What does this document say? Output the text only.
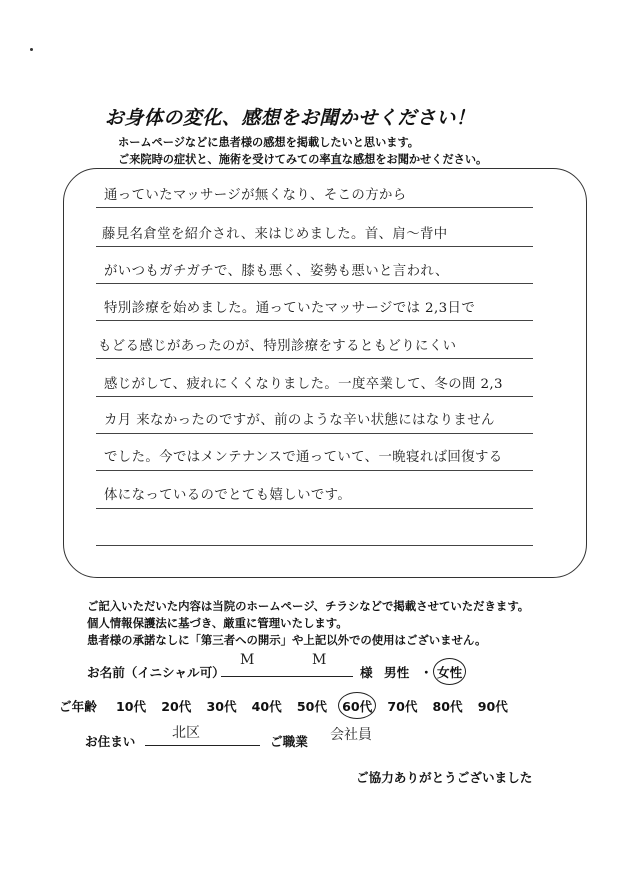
お身体の変化、感想をお聞かせください！
ホームページなどに患者様の感想を掲載したいと思います。
ご来院時の症状と、施術を受けてみての率直な感想をお聞かせください。
通っていたマッサージが無くなり、そこの方から
藤見名倉堂を紹介され、来はじめました。首、肩〜背中
がいつもガチガチで、膝も悪く、姿勢も悪いと言われ、
特別診療を始めました。通っていたマッサージでは 2,3日で
もどる感じがあったのが、特別診療をするともどりにくい
感じがして、疲れにくくなりました。一度卒業して、冬の間 2,3
カ月 来なかったのですが、前のような辛い状態にはなりません
でした。今ではメンテナンスで通っていて、一晩寝れば回復する
体になっているのでとても嬉しいです。
ご記入いただいた内容は当院のホームページ、チラシなどで掲載させていただきます。
個人情報保護法に基づき、厳重に管理いたします。
患者様の承諾なしに「第三者への開示」や上記以外での使用はございません。
お名前（イニシャル可）
M	M
様 男性 ・ 女性
ご年齢 10代 20代 30代 40代 50代 60代 70代 80代 90代
お住まい
北区
ご職業 会社員
ご協力ありがとうございました
